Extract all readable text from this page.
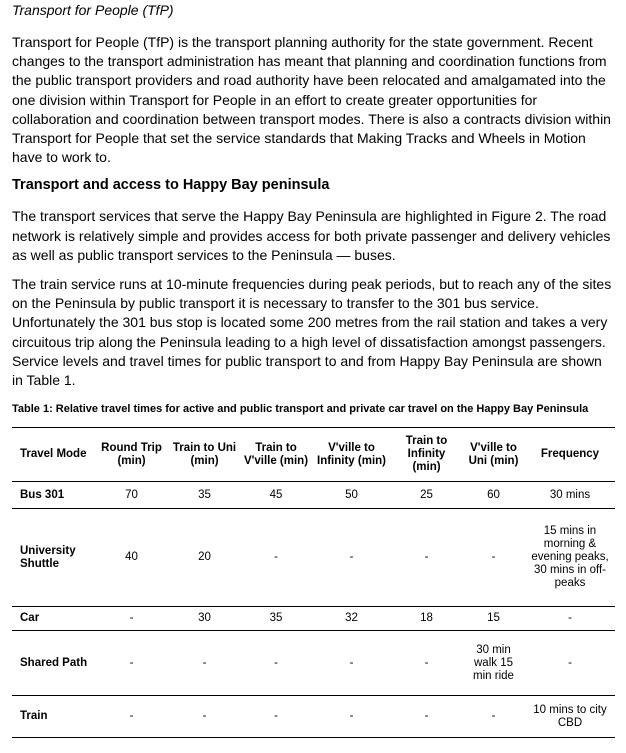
Transport for People (TfP)

Transport for People (TfP) is the transport planning authority for the state government. Recent changes to the transport administration has meant that planning and coordination functions from the public transport providers and road authority have been relocated and amalgamated into the one division within Transport for People in an effort to create greater opportunities for collaboration and coordination between transport modes. There is also a contracts division within Transport for People that set the service standards that Making Tracks and Wheels in Motion have to work to.

Transport and access to Happy Bay peninsula

The transport services that serve the Happy Bay Peninsula are highlighted in Figure 2. The road network is relatively simple and provides access for both private passenger and delivery vehicles as well as public transport services to the Peninsula — buses.

The train service runs at 10-minute frequencies during peak periods, but to reach any of the sites on the Peninsula by public transport it is necessary to transfer to the 301 bus service. Unfortunately the 301 bus stop is located some 200 metres from the rail station and takes a very circuitous trip along the Peninsula leading to a high level of dissatisfaction amongst passengers. Service levels and travel times for public transport to and from Happy Bay Peninsula are shown in Table 1.

Table 1: Relative travel times for active and public transport and private car travel on the Happy Bay Peninsula
Travel Mode	Round Trip (min)	Train to Uni (min)	Train to V'ville (min)	V'ville to Infinity (min)	Train to Infinity (min)	V'ville to Uni (min)	Frequency
Bus 301	70	35	45	50	25	60	30 mins
University Shuttle	40	20	-	-	-	-	15 mins in morning & evening peaks, 30 mins in off-peaks
Car	-	30	35	32	18	15	-
Shared Path	-	-	-	-	-	30 min walk 15 min ride	-
Train	-	-	-	-	-	-	10 mins to city CBD
